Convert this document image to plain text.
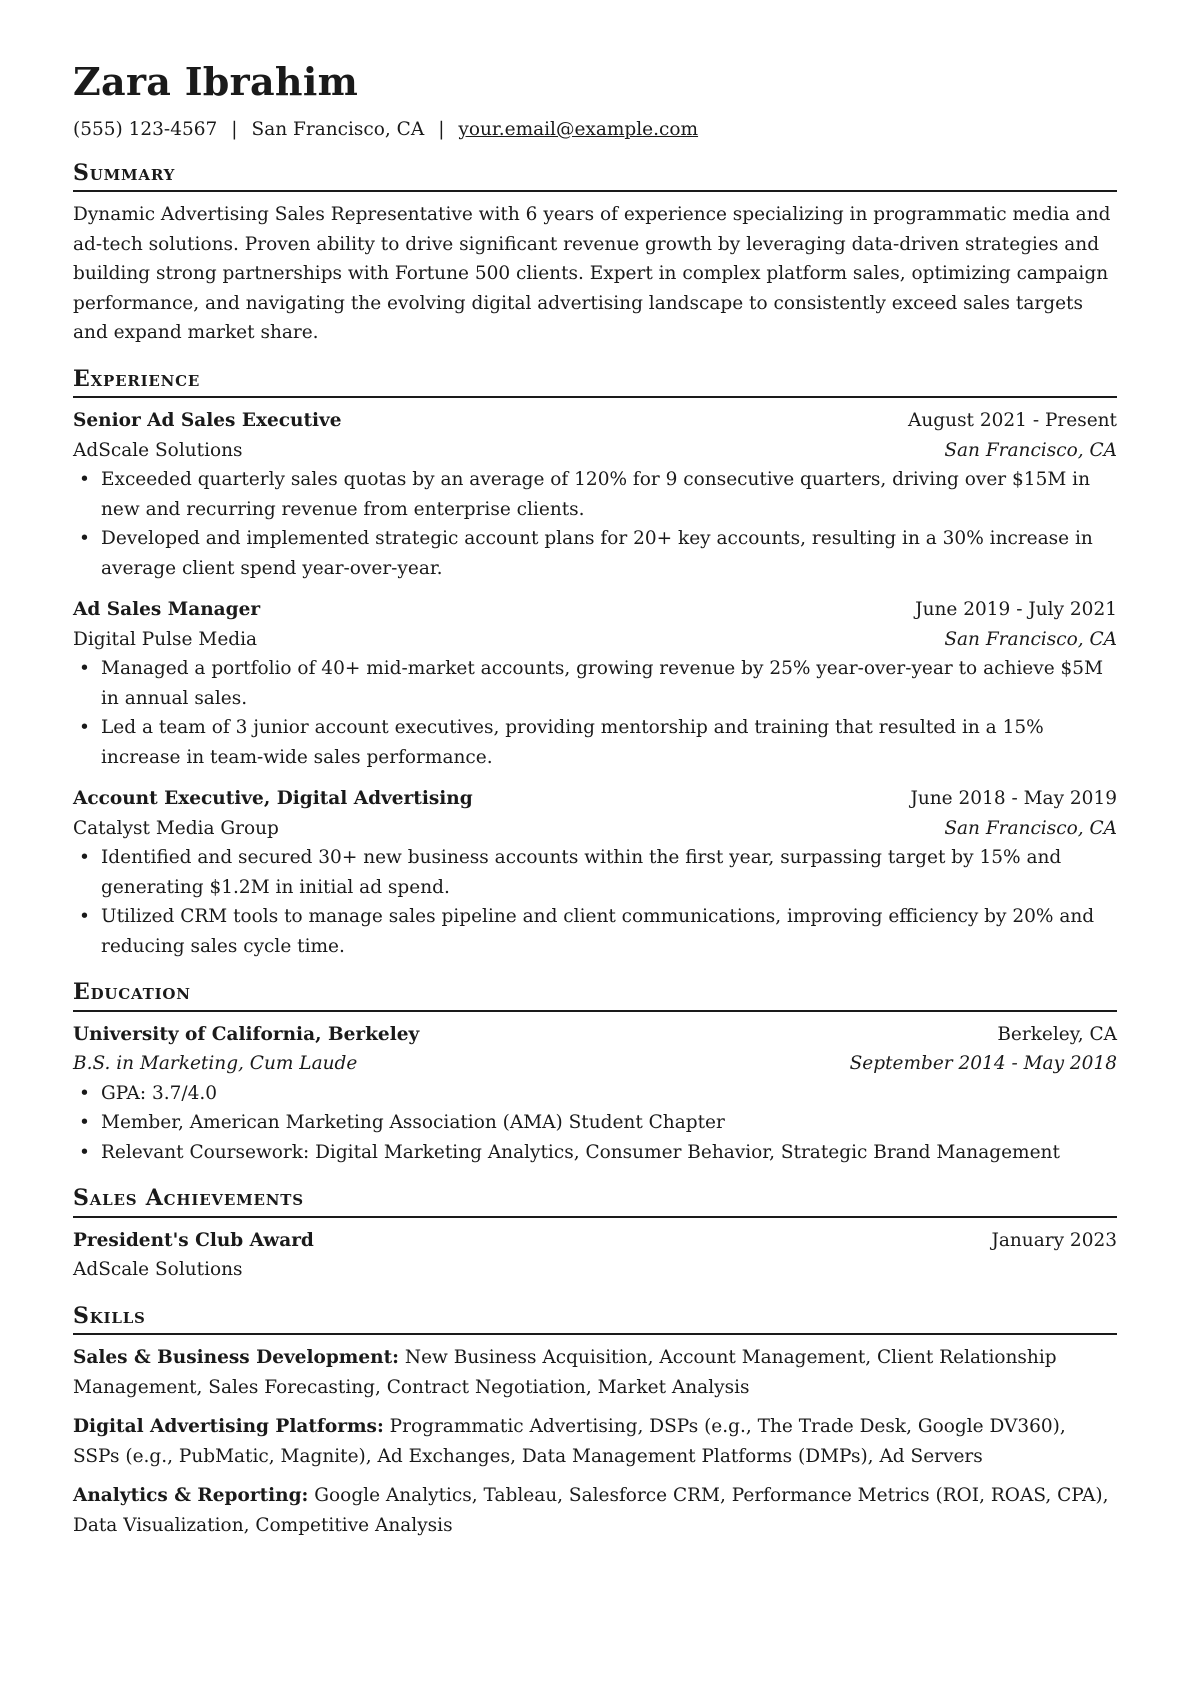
Zara Ibrahim
(555) 123-4567 | San Francisco, CA | your.email@example.com
Summary
Dynamic Advertising Sales Representative with 6 years of experience specializing in programmatic media and ad-tech solutions. Proven ability to drive significant revenue growth by leveraging data-driven strategies and building strong partnerships with Fortune 500 clients. Expert in complex platform sales, optimizing campaign performance, and navigating the evolving digital advertising landscape to consistently exceed sales targets and expand market share.
Experience
Senior Ad Sales Executive	August 2021 - Present
AdScale Solutions	San Francisco, CA
• Exceeded quarterly sales quotas by an average of 120% for 9 consecutive quarters, driving over $15M in new and recurring revenue from enterprise clients.
• Developed and implemented strategic account plans for 20+ key accounts, resulting in a 30% increase in average client spend year-over-year.
Ad Sales Manager	June 2019 - July 2021
Digital Pulse Media	San Francisco, CA
• Managed a portfolio of 40+ mid-market accounts, growing revenue by 25% year-over-year to achieve $5M in annual sales.
• Led a team of 3 junior account executives, providing mentorship and training that resulted in a 15% increase in team-wide sales performance.
Account Executive, Digital Advertising	June 2018 - May 2019
Catalyst Media Group	San Francisco, CA
• Identified and secured 30+ new business accounts within the first year, surpassing target by 15% and generating $1.2M in initial ad spend.
• Utilized CRM tools to manage sales pipeline and client communications, improving efficiency by 20% and reducing sales cycle time.
Education
University of California, Berkeley	Berkeley, CA
B.S. in Marketing, Cum Laude	September 2014 - May 2018
• GPA: 3.7/4.0
• Member, American Marketing Association (AMA) Student Chapter
• Relevant Coursework: Digital Marketing Analytics, Consumer Behavior, Strategic Brand Management
Sales Achievements
President's Club Award	January 2023
AdScale Solutions
Skills
Sales & Business Development: New Business Acquisition, Account Management, Client Relationship Management, Sales Forecasting, Contract Negotiation, Market Analysis
Digital Advertising Platforms: Programmatic Advertising, DSPs (e.g., The Trade Desk, Google DV360), SSPs (e.g., PubMatic, Magnite), Ad Exchanges, Data Management Platforms (DMPs), Ad Servers
Analytics & Reporting: Google Analytics, Tableau, Salesforce CRM, Performance Metrics (ROI, ROAS, CPA), Data Visualization, Competitive Analysis
